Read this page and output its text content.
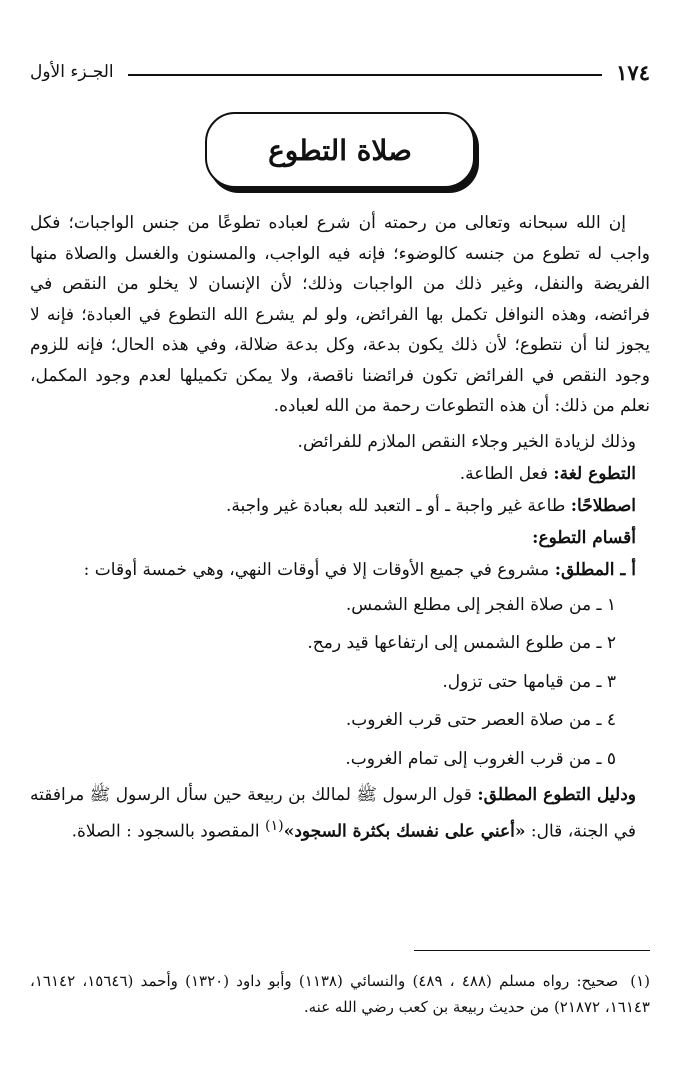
١٧٤
الجـزء الأول
صلاة التطوع

إن الله سبحانه وتعالى من رحمته أن شرع لعباده تطوعًا من جنس الواجبات؛ فكل واجب له تطوع من جنسه كالوضوء؛ فإنه فيه الواجب، والمسنون والغسل والصلاة منها الفريضة والنفل، وغير ذلك من الواجبات وذلك؛ لأن الإنسان لا يخلو من النقص في فرائضه، وهذه النوافل تكمل بها الفرائض، ولو لم يشرع الله التطوع في العبادة؛ فإنه لا يجوز لنا أن نتطوع؛ لأن ذلك يكون بدعة، وكل بدعة ضلالة، وفي هذه الحال؛ فإنه للزوم وجود النقص في الفرائض تكون فرائضنا ناقصة، ولا يمكن تكميلها لعدم وجود المكمل، نعلم من ذلك: أن هذه التطوعات رحمة من الله لعباده.

وذلك لزيادة الخير وجلاء النقص الملازم للفرائض.

التطوع لغة: فعل الطاعة.

اصطلاحًا: طاعة غير واجبة ـ أو ـ التعبد لله بعبادة غير واجبة.

أقسام التطوع:

أ ـ المطلق: مشروع في جميع الأوقات إلا في أوقات النهي، وهي خمسة أوقات :

١ ـ من صلاة الفجر إلى مطلع الشمس.

٢ ـ من طلوع الشمس إلى ارتفاعها قيد رمح.

٣ ـ من قيامها حتى تزول.

٤ ـ من صلاة العصر حتى قرب الغروب.

٥ ـ من قرب الغروب إلى تمام الغروب.

ودليل التطوع المطلق: قول الرسول ﷺ لمالك بن ربيعة حين سأل الرسول ﷺ مرافقته في الجنة، قال: «أعني على نفسك بكثرة السجود»$^{(١)}$ المقصود بالسجود : الصلاة.

(١)صحيح: رواه مسلم (٤٨٨ ، ٤٨٩) والنسائي (١١٣٨) وأبو داود (١٣٢٠) وأحمد (١٥٦٤٦، ١٦١٤٢، ١٦١٤٣، ٢١٨٧٢) من حديث ربيعة بن كعب رضي الله عنه.
